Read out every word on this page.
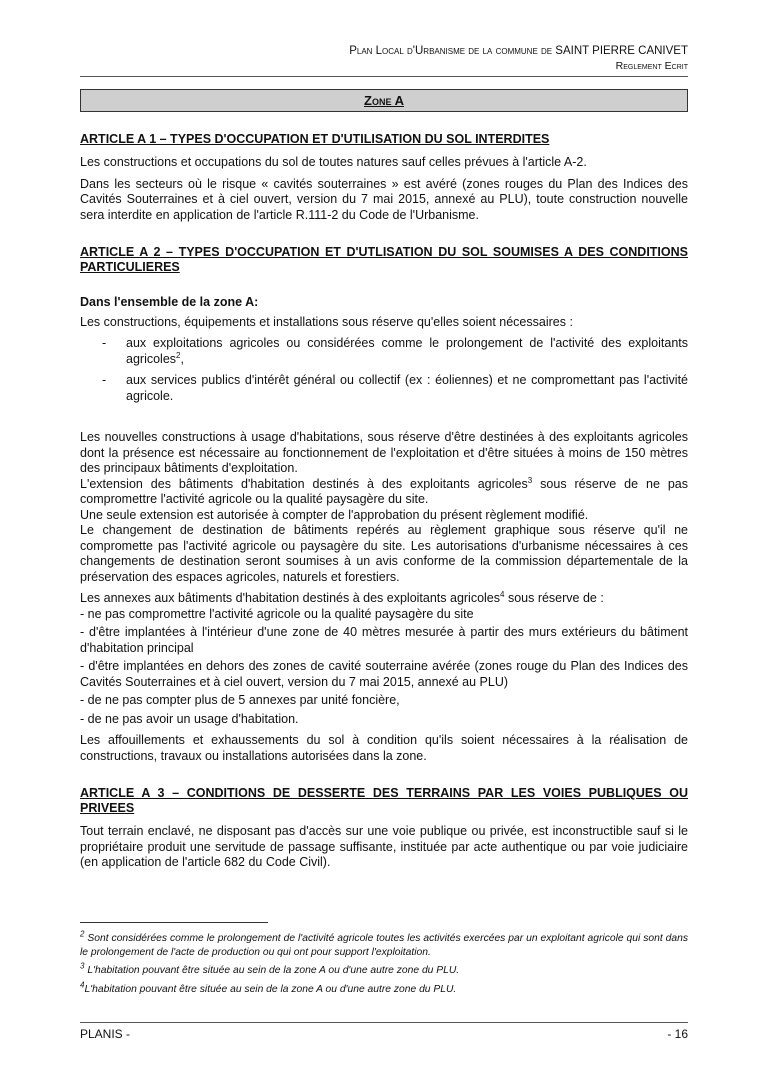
Plan Local d'Urbanisme de la commune de SAINT PIERRE CANIVET
Reglement Ecrit
Zone A
ARTICLE A 1 – TYPES D'OCCUPATION ET D'UTILISATION DU SOL INTERDITES

Les constructions et occupations du sol de toutes natures sauf celles prévues à l'article A-2.

Dans les secteurs où le risque « cavités souterraines » est avéré (zones rouges du Plan des Indices des Cavités Souterraines et à ciel ouvert, version du 7 mai 2015, annexé au PLU), toute construction nouvelle sera interdite en application de l'article R.111-2 du Code de l'Urbanisme.

ARTICLE A 2 – TYPES D'OCCUPATION ET D'UTLISATION DU SOL SOUMISES A DES CONDITIONS PARTICULIERES
Dans l'ensemble de la zone A:

Les constructions, équipements et installations sous réserve qu'elles soient nécessaires :

- aux exploitations agricoles ou considérées comme le prolongement de l'activité des exploitants agricoles$^2$,
- aux services publics d'intérêt général ou collectif (ex : éoliennes) et ne compromettant pas l'activité agricole.

Les nouvelles constructions à usage d'habitations, sous réserve d'être destinées à des exploitants agricoles dont la présence est nécessaire au fonctionnement de l'exploitation et d'être situées à moins de 150 mètres des principaux bâtiments d'exploitation.

L'extension des bâtiments d'habitation destinés à des exploitants agricoles$^3$ sous réserve de ne pas compromettre l'activité agricole ou la qualité paysagère du site.

Une seule extension est autorisée à compter de l'approbation du présent règlement modifié.

Le changement de destination de bâtiments repérés au règlement graphique sous réserve qu'il ne compromette pas l'activité agricole ou paysagère du site. Les autorisations d'urbanisme nécessaires à ces changements de destination seront soumises à un avis conforme de la commission départementale de la préservation des espaces agricoles, naturels et forestiers.

Les annexes aux bâtiments d'habitation destinés à des exploitants agricoles$^4$ sous réserve de :

- ne pas compromettre l'activité agricole ou la qualité paysagère du site

- d'être implantées à l'intérieur d'une zone de 40 mètres mesurée à partir des murs extérieurs du bâtiment d'habitation principal

- d'être implantées en dehors des zones de cavité souterraine avérée (zones rouge du Plan des Indices des Cavités Souterraines et à ciel ouvert, version du 7 mai 2015, annexé au PLU)

- de ne pas compter plus de 5 annexes par unité foncière,

- de ne pas avoir un usage d'habitation.

Les affouillements et exhaussements du sol à condition qu'ils soient nécessaires à la réalisation de constructions, travaux ou installations autorisées dans la zone.

ARTICLE A 3 – CONDITIONS DE DESSERTE DES TERRAINS PAR LES VOIES PUBLIQUES OU PRIVEES

Tout terrain enclavé, ne disposant pas d'accès sur une voie publique ou privée, est inconstructible sauf si le propriétaire produit une servitude de passage suffisante, instituée par acte authentique ou par voie judiciaire (en application de l'article 682 du Code Civil).

$^2$ Sont considérées comme le prolongement de l'activité agricole toutes les activités exercées par un exploitant agricole qui sont dans le prolongement de l'acte de production ou qui ont pour support l'exploitation.

$^3$ L'habitation pouvant être située au sein de la zone A ou d'une autre zone du PLU.

$^4$L'habitation pouvant être située au sein de la zone A ou d'une autre zone du PLU.

PLANIS -	- 16
